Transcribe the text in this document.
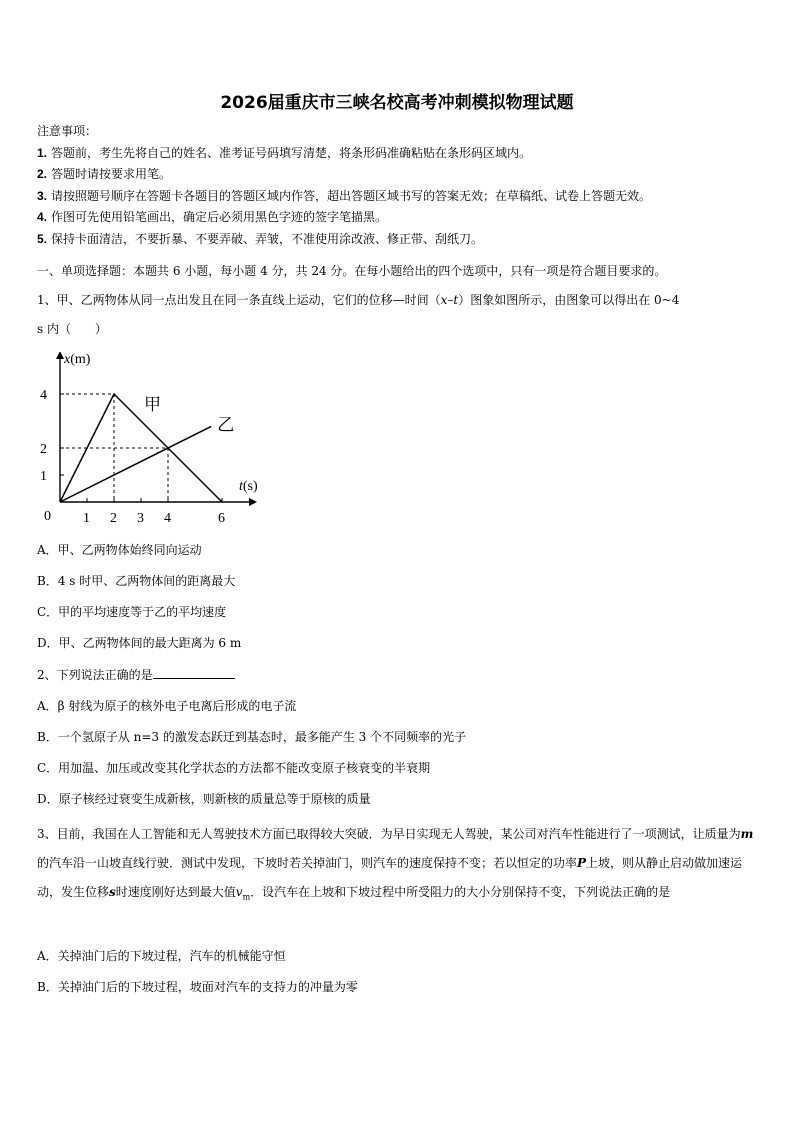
2026届重庆市三峡名校高考冲刺模拟物理试题
注意事项：
1. 答题前，考生先将自己的姓名、准考证号码填写清楚，将条形码准确粘贴在条形码区域内。
2. 答题时请按要求用笔。
3. 请按照题号顺序在答题卡各题目的答题区域内作答，超出答题区域书写的答案无效；在草稿纸、试卷上答题无效。
4. 作图可先使用铅笔画出，确定后必须用黑色字迹的签字笔描黑。
5. 保持卡面清洁，不要折暴、不要弄破、弄皱，不准使用涂改液、修正带、刮纸刀。
一、单项选择题：本题共 6 小题，每小题 4 分，共 24 分。在每小题给出的四个选项中，只有一项是符合题目要求的。
1、甲、乙两物体从同一点出发且在同一条直线上运动，它们的位移—时间（x–t）图象如图所示，由图象可以得出在 0~4
s 内（　　）
x(m)
t(s)
0 1 2 3 4	6
1
2
4	甲
乙
A．甲、乙两物体始终同向运动
B．4 s 时甲、乙两物体间的距离最大
C．甲的平均速度等于乙的平均速度
D．甲、乙两物体间的最大距离为 6 m
2、下列说法正确的是
A．β 射线为原子的核外电子电离后形成的电子流
B．一个氢原子从 n=3 的激发态跃迁到基态时，最多能产生 3 个不同频率的光子
C．用加温、加压或改变其化学状态的方法都不能改变原子核衰变的半衰期
D．原子核经过衰变生成新核，则新核的质量总等于原核的质量
3、目前，我国在人工智能和无人驾驶技术方面已取得较大突破．为早日实现无人驾驶，某公司对汽车性能进行了一项测试，让质量为m的汽车沿一山坡直线行驶．测试中发现，下坡时若关掉油门，则汽车的速度保持不变；若以恒定的功率P上坡，则从静止启动做加速运动，发生位移s时速度刚好达到最大值$v_m$．设汽车在上坡和下坡过程中所受阻力的大小分别保持不变，下列说法正确的是
A．关掉油门后的下坡过程，汽车的机械能守恒
B．关掉油门后的下坡过程，坡面对汽车的支持力的冲量为零
